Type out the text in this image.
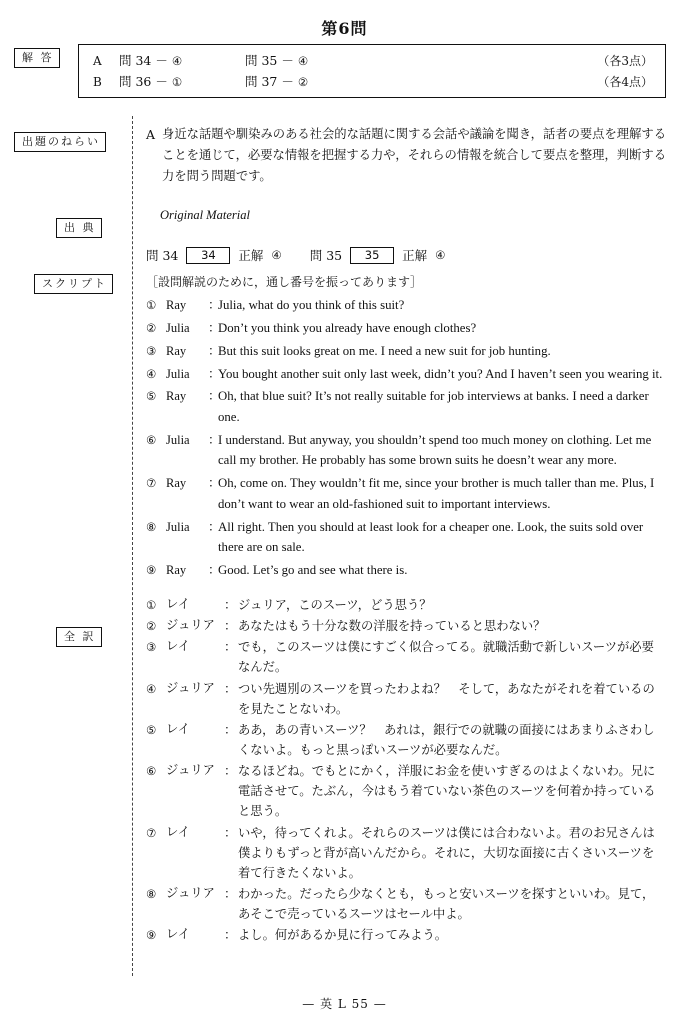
第6問
解 答	A	問 34 － ④	問 35 － ④	（各3点）
B	問 36 － ①	問 37 － ②	（各4点）
出題のねらい
出 典
スクリプト
全 訳
A 身近な話題や馴染みのある社会的な話題に関する会話や議論を聞き，話者の要点を理解することを通じて，必要な情報を把握する力や，それらの情報を統合して要点を整理，判断する力を問う問題です。
Original Material
問 34	34	正解 ④ 問 35	35	正解 ④
［設問解説のために，通し番号を振ってあります］
① Ray	：
Julia, what do you think of this suit?
② Julia	：
Don’t you think you already have enough clothes?
③ Ray	：
But this suit looks great on me. I need a new suit for job hunting.
④ Julia	：
You bought another suit only last week, didn’t you? And I haven’t seen you wearing it.
⑤ Ray	：
Oh, that blue suit? It’s not really suitable for job interviews at banks. I need a darker one.
⑥ Julia	：
I understand. But anyway, you shouldn’t spend too much money on clothing. Let me call my brother. He probably has some brown suits he doesn’t wear any more.
⑦ Ray	：
Oh, come on. They wouldn’t fit me, since your brother is much taller than me. Plus, I don’t want to wear an old-fashioned suit to important interviews.
⑧ Julia	：
All right. Then you should at least look for a cheaper one. Look, the suits sold over there are on sale.
⑨ Ray	：
Good. Let’s go and see what there is.
① レイ	： ジュリア，このスーツ，どう思う？
② ジュリア ： あなたはもう十分な数の洋服を持っていると思わない？
③ レイ	： でも，このスーツは僕にすごく似合ってる。就職活動で新しいスーツが必要なんだ。
④ ジュリア ： つい先週別のスーツを買ったわよね？　そして，あなたがそれを着ているのを見たことないわ。
⑤ レイ	： ああ，あの青いスーツ？　あれは，銀行での就職の面接にはあまりふさわしくないよ。もっと黒っぽいスーツが必要なんだ。
⑥ ジュリア ： なるほどね。でもとにかく，洋服にお金を使いすぎるのはよくないわ。兄に電話させて。たぶん，今はもう着ていない茶色のスーツを何着か持っていると思う。
⑦ レイ	： いや，待ってくれよ。それらのスーツは僕には合わないよ。君のお兄さんは僕よりもずっと背が高いんだから。それに，大切な面接に古くさいスーツを着て行きたくないよ。
⑧ ジュリア ： わかった。だったら少なくとも，もっと安いスーツを探すといいわ。見て，あそこで売っているスーツはセール中よ。
⑨ レイ	： よし。何があるか見に行ってみよう。
— 英 L 55 —
